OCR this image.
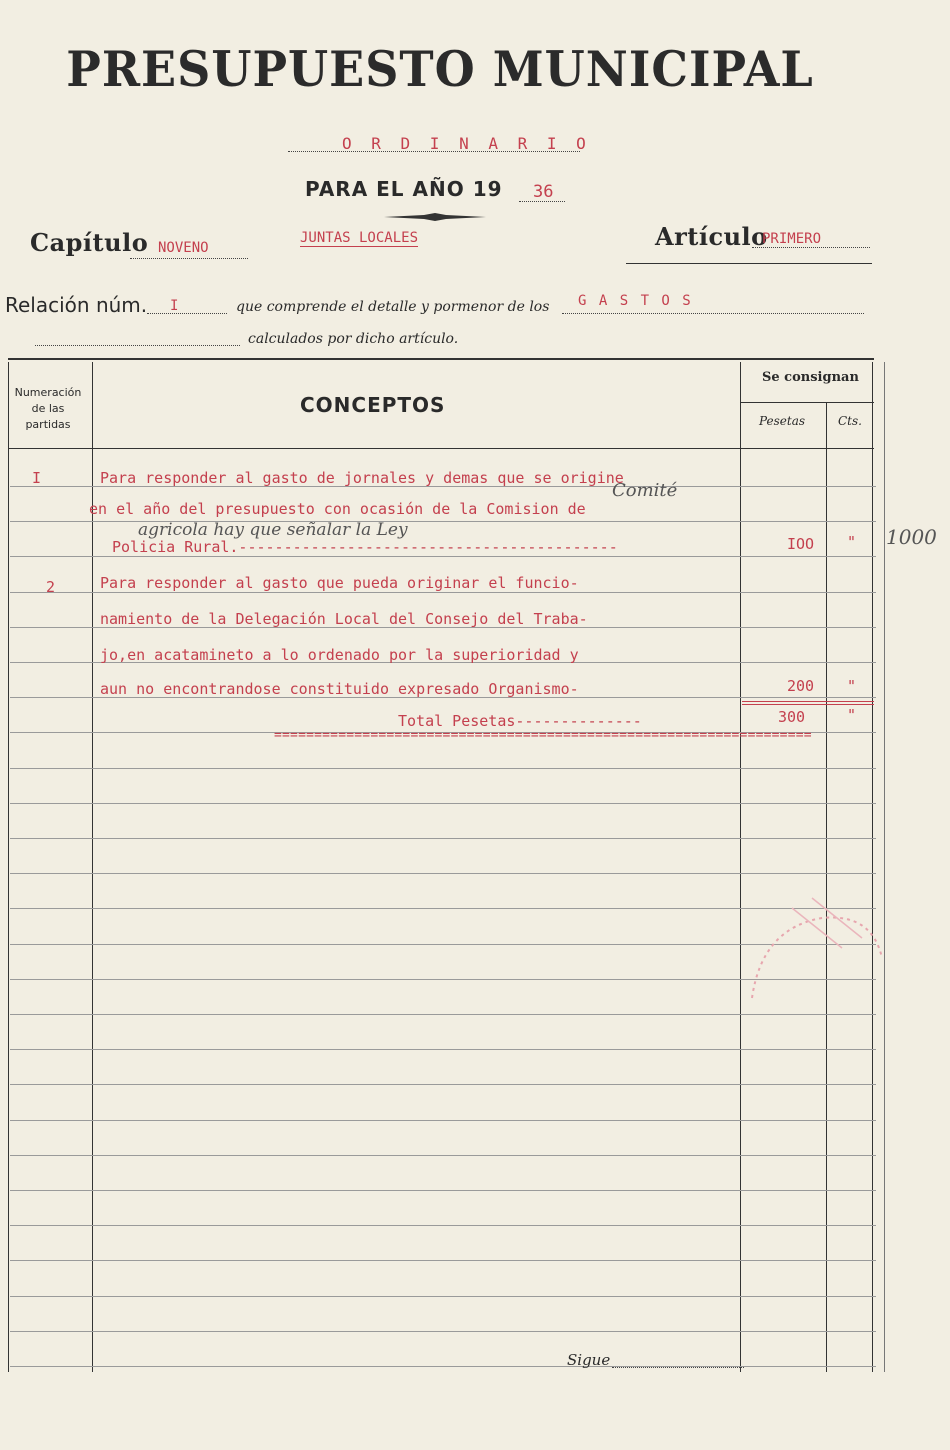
PRESUPUESTO MUNICIPAL
O R D I N A R I O
PARA EL AÑO 19 36
Capítulo NOVENO
JUNTAS LOCALES	Artículo
PRIMERO
Relación núm. I	que comprende el detalle y pormenor de los G A S T O S
calculados por dicho artículo.
Numeración de las partidas
CONCEPTOS
Se consignan
Pesetas	Cts.
I	Para responder al gasto de jornales y demas que se origine
en el año del presupuesto con ocasión de la Comision de
Policia Rural.------------------------------------------	IOO "
Comité
agricola hay que señalar la Ley	1000
2	Para responder al gasto que pueda originar el funcio-
namiento de la Delegación Local del Consejo del Traba-
jo,en acatamineto a lo ordenado por la superioridad y
aun no encontrandose constituido expresado Organismo-	200 "
Total Pesetas--------------	300	"
===================================================================
Sigue
